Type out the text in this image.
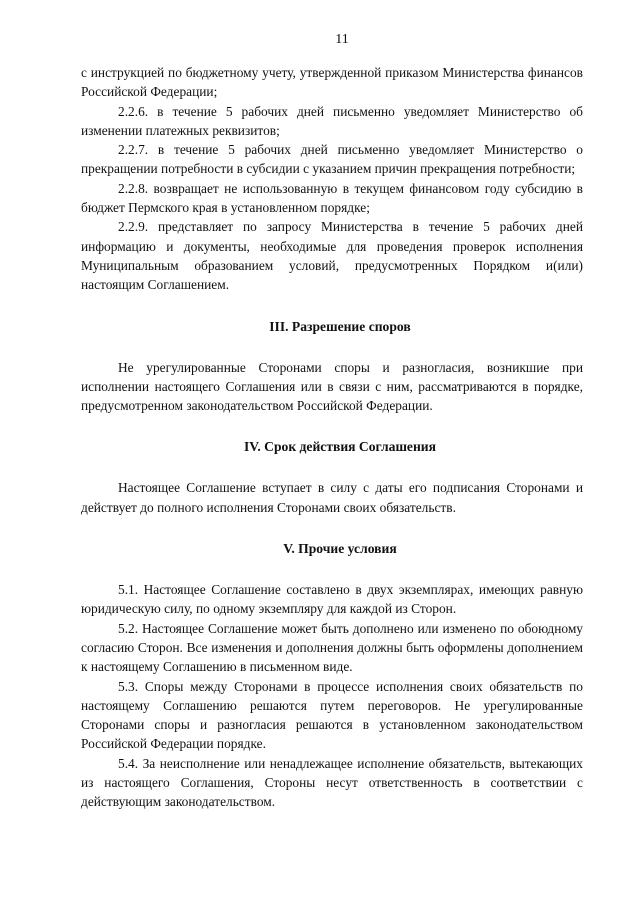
11

с инструкцией по бюджетному учету, утвержденной приказом Министерства финансов Российской Федерации;

2.2.6. в течение 5 рабочих дней письменно уведомляет Министерство об изменении платежных реквизитов;

2.2.7. в течение 5 рабочих дней письменно уведомляет Министерство о прекращении потребности в субсидии с указанием причин прекращения потребности;

2.2.8. возвращает не использованную в текущем финансовом году субсидию в бюджет Пермского края в установленном порядке;

2.2.9. представляет по запросу Министерства в течение 5 рабочих дней информацию и документы, необходимые для проведения проверок исполнения Муниципальным образованием условий, предусмотренных Порядком и(или) настоящим Соглашением.

III. Разрешение споров

Не урегулированные Сторонами споры и разногласия, возникшие при исполнении настоящего Соглашения или в связи с ним, рассматриваются в порядке, предусмотренном законодательством Российской Федерации.

IV. Срок действия Соглашения

Настоящее Соглашение вступает в силу с даты его подписания Сторонами и действует до полного исполнения Сторонами своих обязательств.

V. Прочие условия

5.1. Настоящее Соглашение составлено в двух экземплярах, имеющих равную юридическую силу, по одному экземпляру для каждой из Сторон.

5.2. Настоящее Соглашение может быть дополнено или изменено по обоюдному согласию Сторон. Все изменения и дополнения должны быть оформлены дополнением к настоящему Соглашению в письменном виде.

5.3. Споры между Сторонами в процессе исполнения своих обязательств по настоящему Соглашению решаются путем переговоров. Не урегулированные Сторонами споры и разногласия решаются в установленном законодательством Российской Федерации порядке.

5.4. За неисполнение или ненадлежащее исполнение обязательств, вытекающих из настоящего Соглашения, Стороны несут ответственность в соответствии с действующим законодательством.
